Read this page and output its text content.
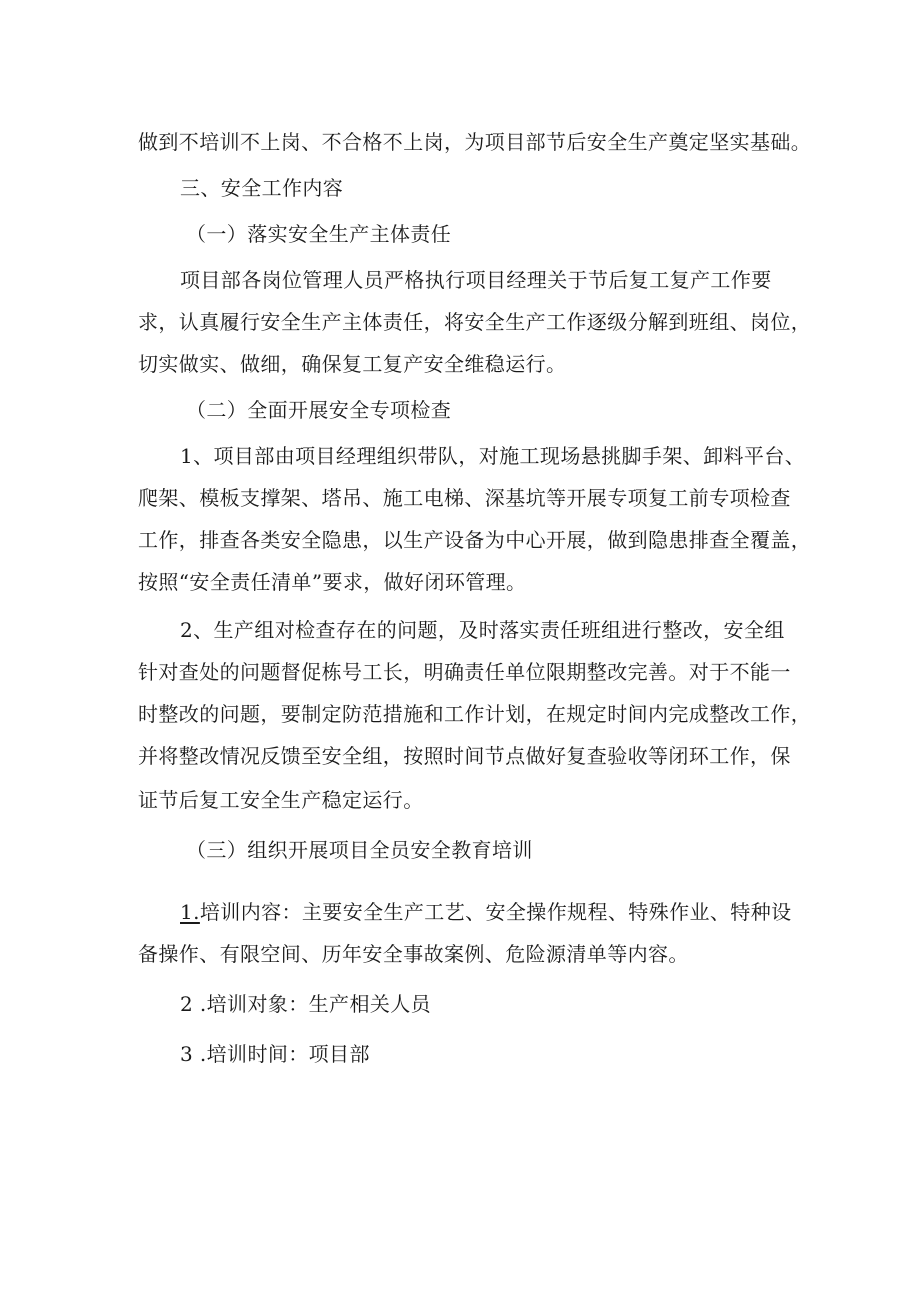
做到不培训不上岗、不合格不上岗，为项目部节后安全生产奠定坚实基础。
三、安全工作内容
（一）落实安全生产主体责任
项目部各岗位管理人员严格执行项目经理关于节后复工复产工作要
求，认真履行安全生产主体责任，将安全生产工作逐级分解到班组、岗位，
切实做实、做细，确保复工复产安全维稳运行。
（二）全面开展安全专项检查
1、项目部由项目经理组织带队，对施工现场悬挑脚手架、卸料平台、
爬架、模板支撑架、塔吊、施工电梯、深基坑等开展专项复工前专项检查
工作，排查各类安全隐患，以生产设备为中心开展，做到隐患排查全覆盖，
按照“安全责任清单”要求，做好闭环管理。
2、生产组对检查存在的问题，及时落实责任班组进行整改，安全组
针对查处的问题督促栋号工长，明确责任单位限期整改完善。对于不能一
时整改的问题，要制定防范措施和工作计划，在规定时间内完成整改工作，
并将整改情况反馈至安全组，按照时间节点做好复查验收等闭环工作，保
证节后复工安全生产稳定运行。
（三）组织开展项目全员安全教育培训
1.培训内容：主要安全生产工艺、安全操作规程、特殊作业、特种设
备操作、有限空间、历年安全事故案例、危险源清单等内容。
2 .培训对象：生产相关人员
3 .培训时间：项目部
